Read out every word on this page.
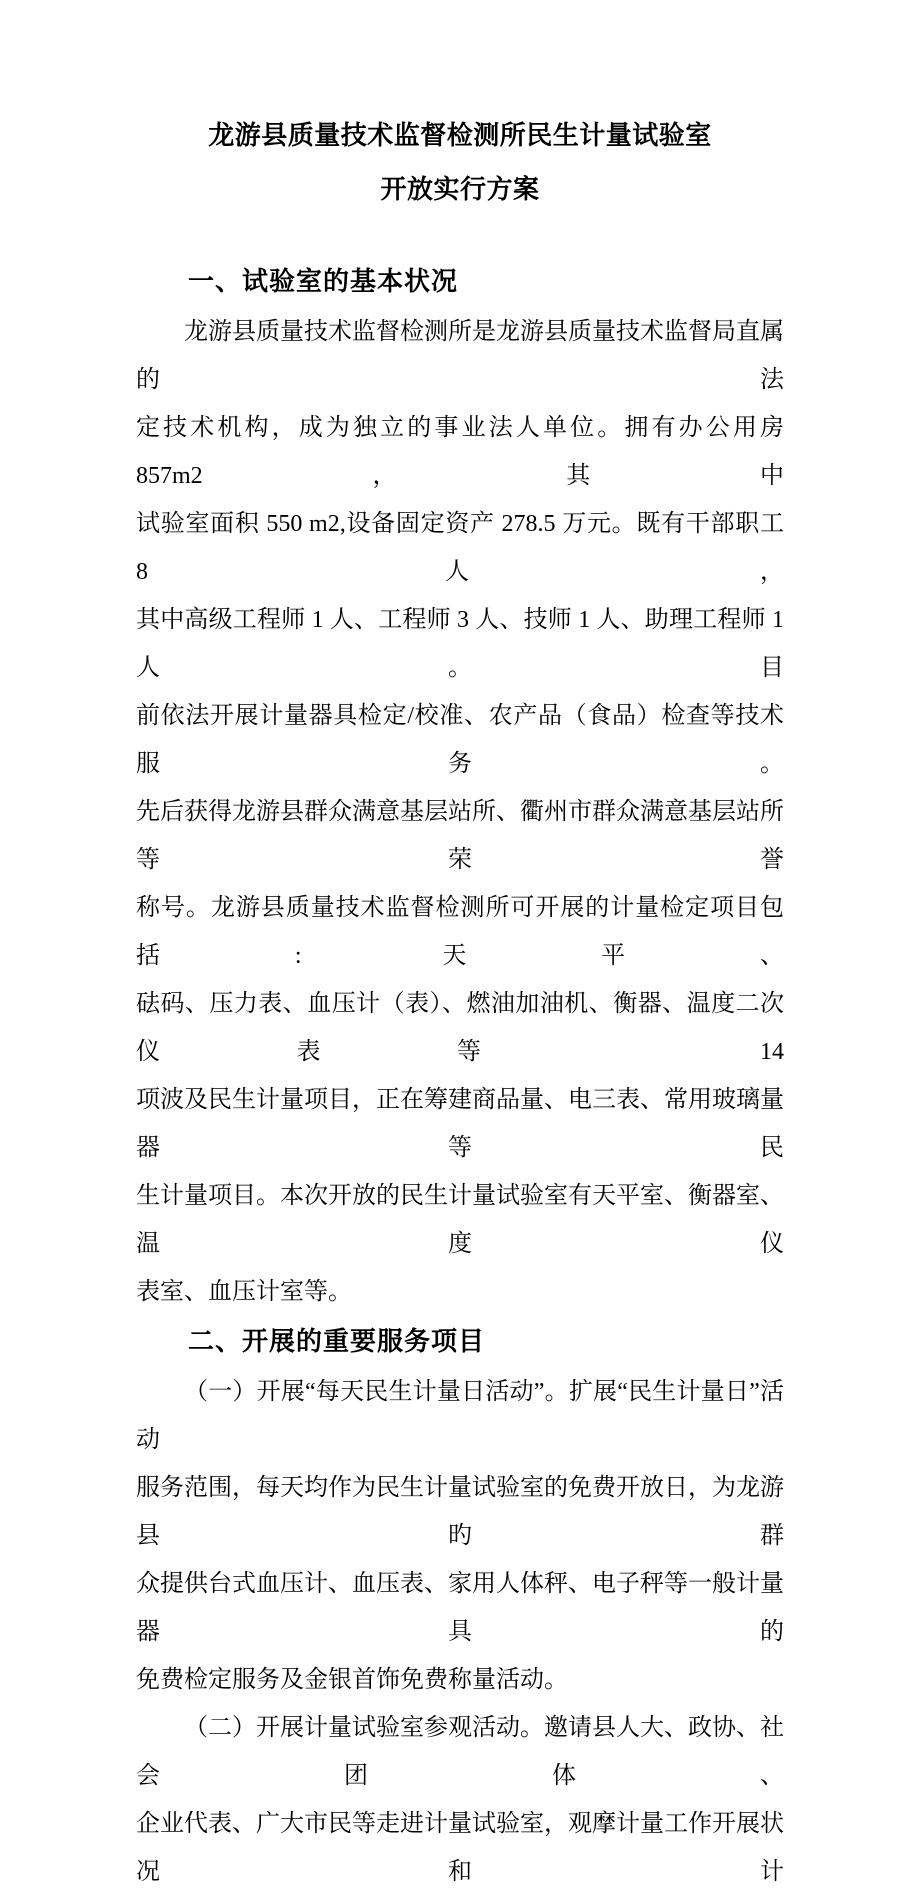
龙游县质量技术监督检测所民生计量试验室
开放实行方案
一、试验室的基本状况
龙游县质量技术监督检测所是龙游县质量技术监督局直属的法
定技术机构，成为独立的事业法人单位。拥有办公用房 857m2，其中
试验室面积 550 m2,设备固定资产 278.5 万元。既有干部职工 8 人，
其中高级工程师 1 人、工程师 3 人、技师 1 人、助理工程师 1 人。目
前依法开展计量器具检定/校准、农产品（食品）检查等技术服务。
先后获得龙游县群众满意基层站所、衢州市群众满意基层站所等荣誉
称号。龙游县质量技术监督检测所可开展的计量检定项目包括: 天平、
砝码、压力表、血压计（表）、燃油加油机、衡器、温度二次仪表等 14
项波及民生计量项目，正在筹建商品量、电三表、常用玻璃量器等民
生计量项目。本次开放的民生计量试验室有天平室、衡器室、温度仪
表室、血压计室等。
二、开展的重要服务项目
（一）开展“每天民生计量日活动”。扩展“民生计量日”活动
服务范围，每天均作为民生计量试验室的免费开放日，为龙游县旳群
众提供台式血压计、血压表、家用人体秤、电子秤等一般计量器具的
免费检定服务及金银首饰免费称量活动。
（二）开展计量试验室参观活动。邀请县人大、政协、社会团体、
企业代表、广大市民等走进计量试验室，观摩计量工作开展状况和计
